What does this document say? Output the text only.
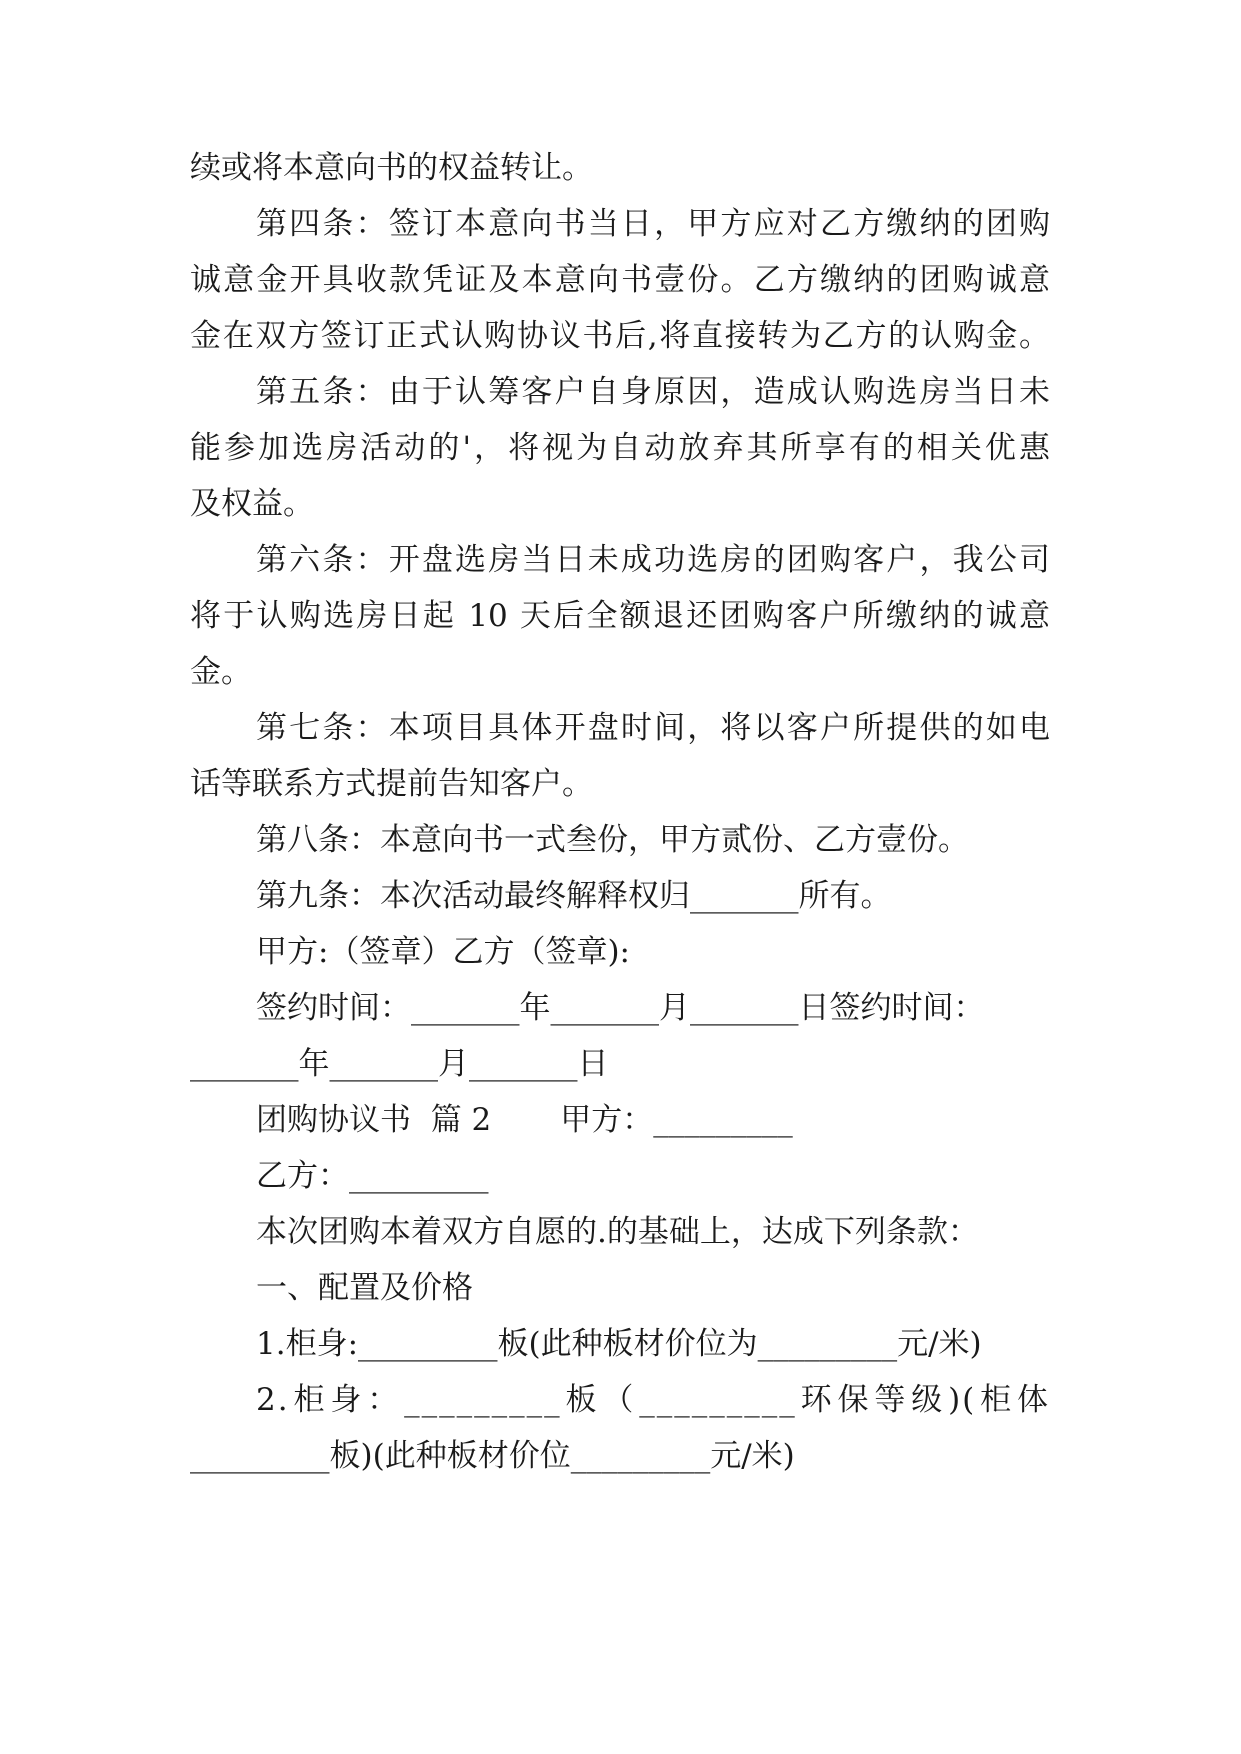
续或将本意向书的权益转让。
第四条：签订本意向书当日，甲方应对乙方缴纳的团购
诚意金开具收款凭证及本意向书壹份。乙方缴纳的团购诚意
金在双方签订正式认购协议书后,将直接转为乙方的认购金。
第五条：由于认筹客户自身原因，造成认购选房当日未
能参加选房活动的'，将视为自动放弃其所享有的相关优惠
及权益。
第六条：开盘选房当日未成功选房的团购客户，我公司
将于认购选房日起 10 天后全额退还团购客户所缴纳的诚意
金。
第七条：本项目具体开盘时间，将以客户所提供的如电
话等联系方式提前告知客户。
第八条：本意向书一式叁份，甲方贰份、乙方壹份。
第九条：本次活动最终解释权归_______所有。
甲方:（签章）乙方（签章):
签约时间：_______年_______月_______日签约时间：
_______年_______月_______日
团购协议书  篇 2       甲方：_________
乙方：_________
本次团购本着双方自愿的.的基础上，达成下列条款：
一、配置及价格
1.柜身:_________板(此种板材价位为_________元/米)
2.柜身：_________板（_________环保等级)(柜体
_________板)(此种板材价位_________元/米)
